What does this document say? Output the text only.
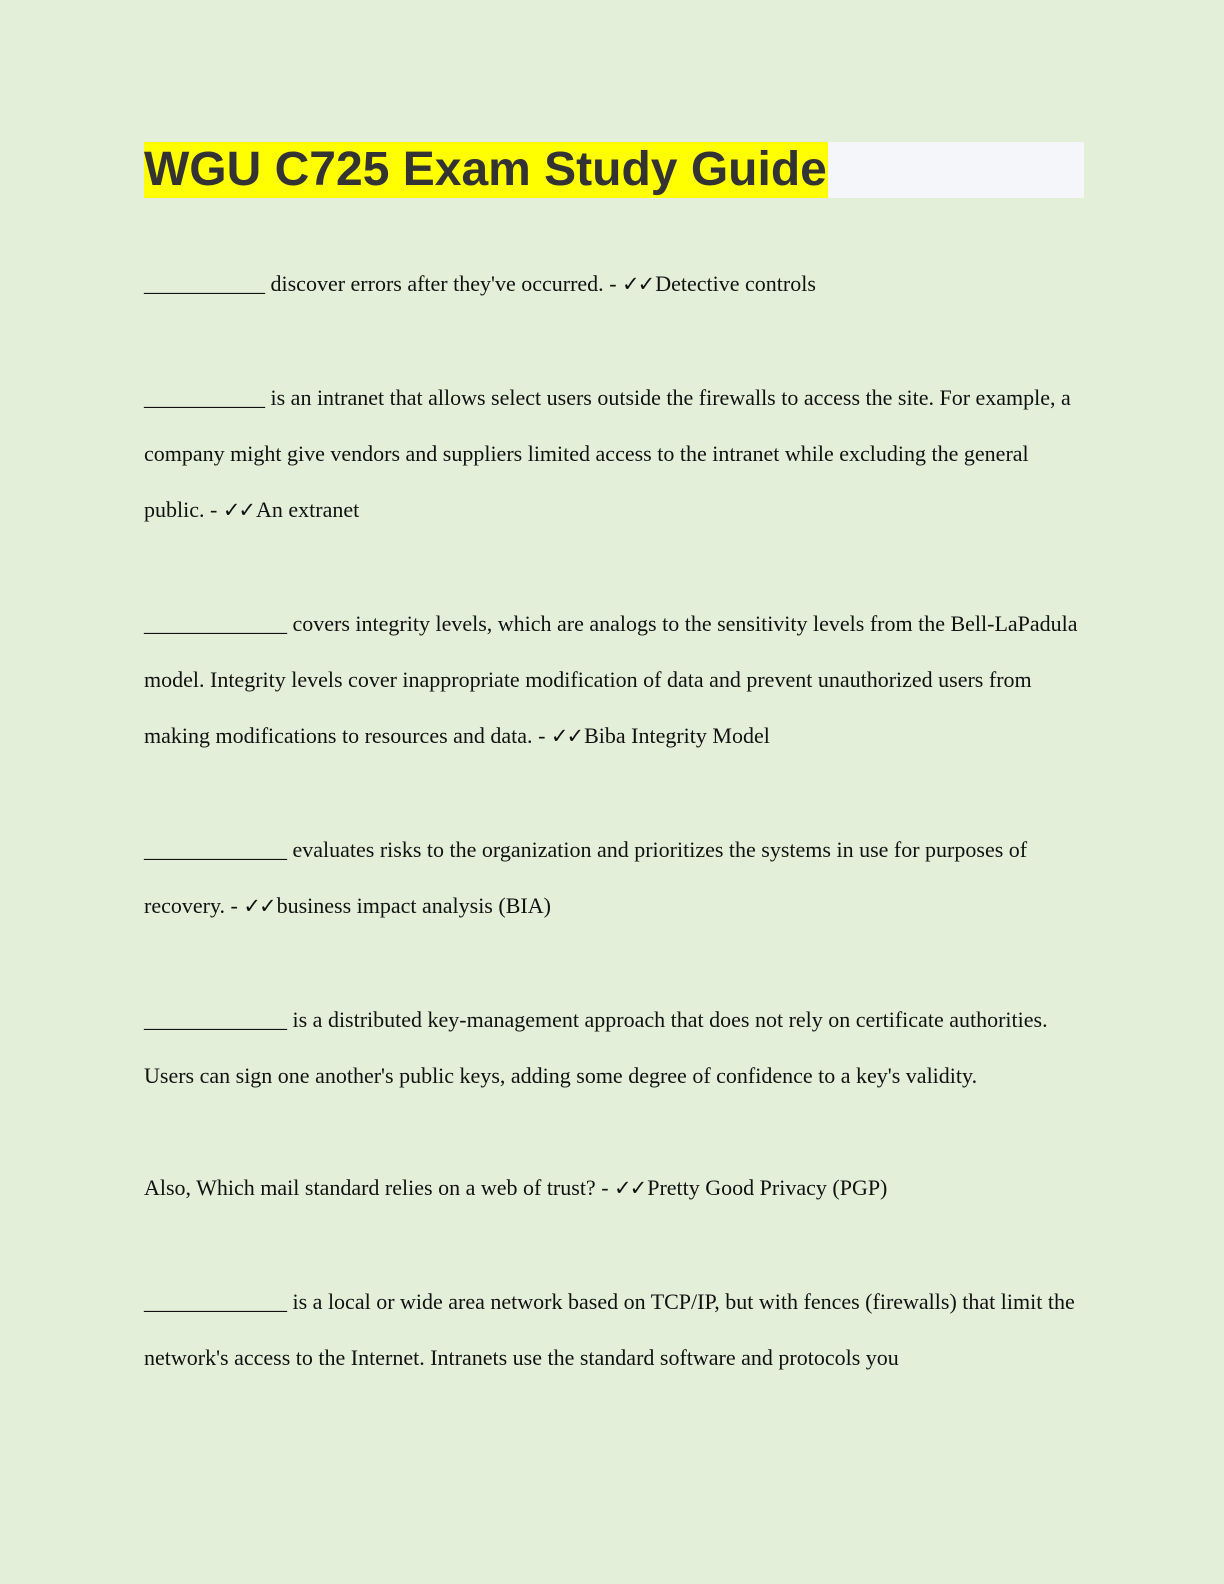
WGU C725 Exam Study Guide

___________ discover errors after they've occurred. - ✓✓Detective controls

___________ is an intranet that allows select users outside the firewalls to access the site. For example, a company might give vendors and suppliers limited access to the intranet while excluding the general public. - ✓✓An extranet

_____________ covers integrity levels, which are analogs to the sensitivity levels from the Bell-LaPadula model. Integrity levels cover inappropriate modification of data and prevent unauthorized users from making modifications to resources and data. - ✓✓Biba Integrity Model

_____________ evaluates risks to the organization and prioritizes the systems in use for purposes of recovery. - ✓✓business impact analysis (BIA)

_____________ is a distributed key-management approach that does not rely on certificate authorities. Users can sign one another's public keys, adding some degree of confidence to a key's validity.

Also, Which mail standard relies on a web of trust? - ✓✓Pretty Good Privacy (PGP)

_____________ is a local or wide area network based on TCP/IP, but with fences (firewalls) that limit the network's access to the Internet. Intranets use the standard software and protocols you
